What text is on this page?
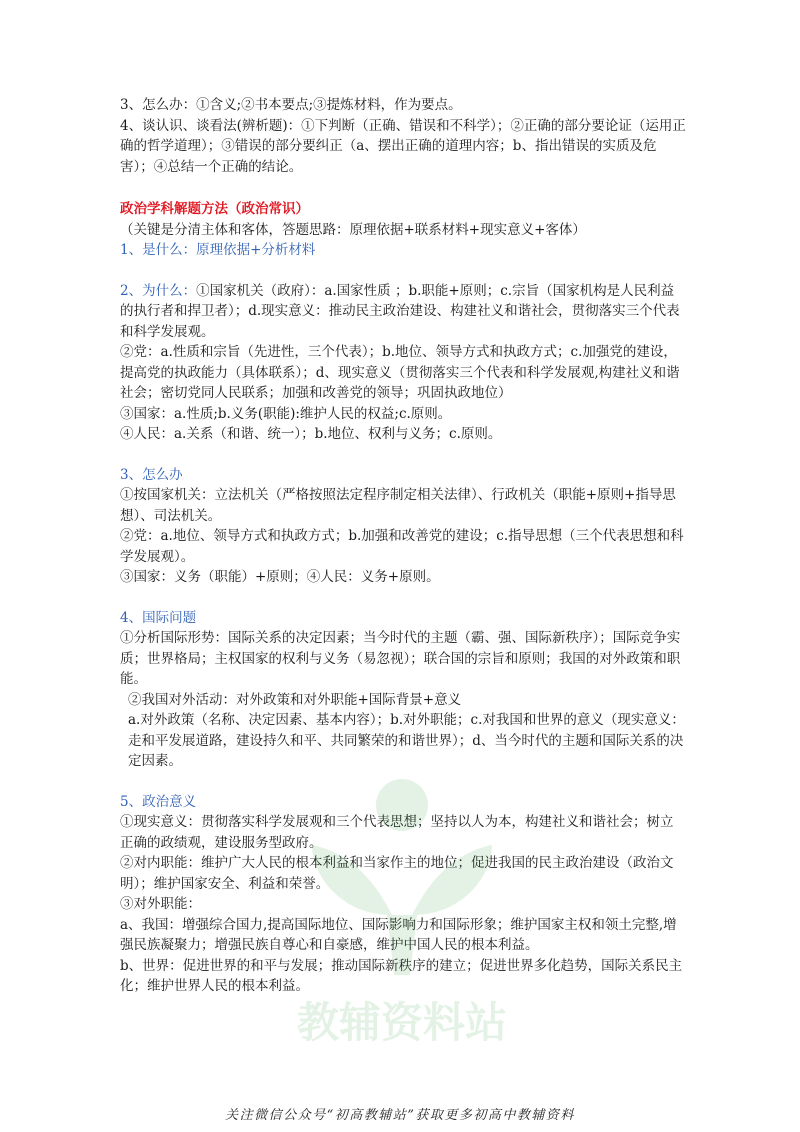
3、怎么办：①含义;②书本要点;③提炼材料，作为要点。

4、谈认识、谈看法(辨析题)：①下判断（正确、错误和不科学）；②正确的部分要论证（运用正确的哲学道理）；③错误的部分要纠正（a、摆出正确的道理内容；b、指出错误的实质及危害）；④总结一个正确的结论。

政治学科解题方法（政治常识）

（关键是分清主体和客体，答题思路：原理依据+联系材料+现实意义+客体）

1、是什么：原理依据+分析材料

2、为什么：①国家机关（政府）：a.国家性质 ；b.职能+原则；c.宗旨（国家机构是人民利益的执行者和捍卫者）；d.现实意义：推动民主政治建设、构建社义和谐社会，贯彻落实三个代表和科学发展观。

②党：a.性质和宗旨（先进性，三个代表）；b.地位、领导方式和执政方式；c.加强党的建设，提高党的执政能力（具体联系）；d、现实意义（贯彻落实三个代表和科学发展观,构建社义和谐社会；密切党同人民联系；加强和改善党的领导；巩固执政地位）

③国家：a.性质;b.义务(职能):维护人民的权益;c.原则。

④人民：a.关系（和谐、统一）；b.地位、权利与义务；c.原则。

3、怎么办

①按国家机关：立法机关（严格按照法定程序制定相关法律）、行政机关（职能+原则+指导思想）、司法机关。

②党：a.地位、领导方式和执政方式；b.加强和改善党的建设；c.指导思想（三个代表思想和科学发展观）。

③国家：义务（职能）+原则；④人民：义务+原则。

4、国际问题

①分析国际形势：国际关系的决定因素；当今时代的主题（霸、强、国际新秩序）；国际竞争实质；世界格局；主权国家的权利与义务（易忽视）；联合国的宗旨和原则；我国的对外政策和职能。

②我国对外活动：对外政策和对外职能+国际背景+意义

a.对外政策（名称、决定因素、基本内容）；b.对外职能；c.对我国和世界的意义（现实意义：走和平发展道路，建设持久和平、共同繁荣的和谐世界）；d、当今时代的主题和国际关系的决定因素。

5、政治意义

①现实意义：贯彻落实科学发展观和三个代表思想；坚持以人为本，构建社义和谐社会；树立正确的政绩观，建设服务型政府。

②对内职能：维护广大人民的根本利益和当家作主的地位；促进我国的民主政治建设（政治文明）；维护国家安全、利益和荣誉。

③对外职能：

a、我国：增强综合国力,提高国际地位、国际影响力和国际形象；维护国家主权和领土完整,增强民族凝聚力；增强民族自尊心和自豪感，维护中国人民的根本利益。

b、世界：促进世界的和平与发展；推动国际新秩序的建立；促进世界多化趋势，国际关系民主化；维护世界人民的根本利益。

教辅资料站
关注微信公众号“初高教辅站”获取更多初高中教辅资料
